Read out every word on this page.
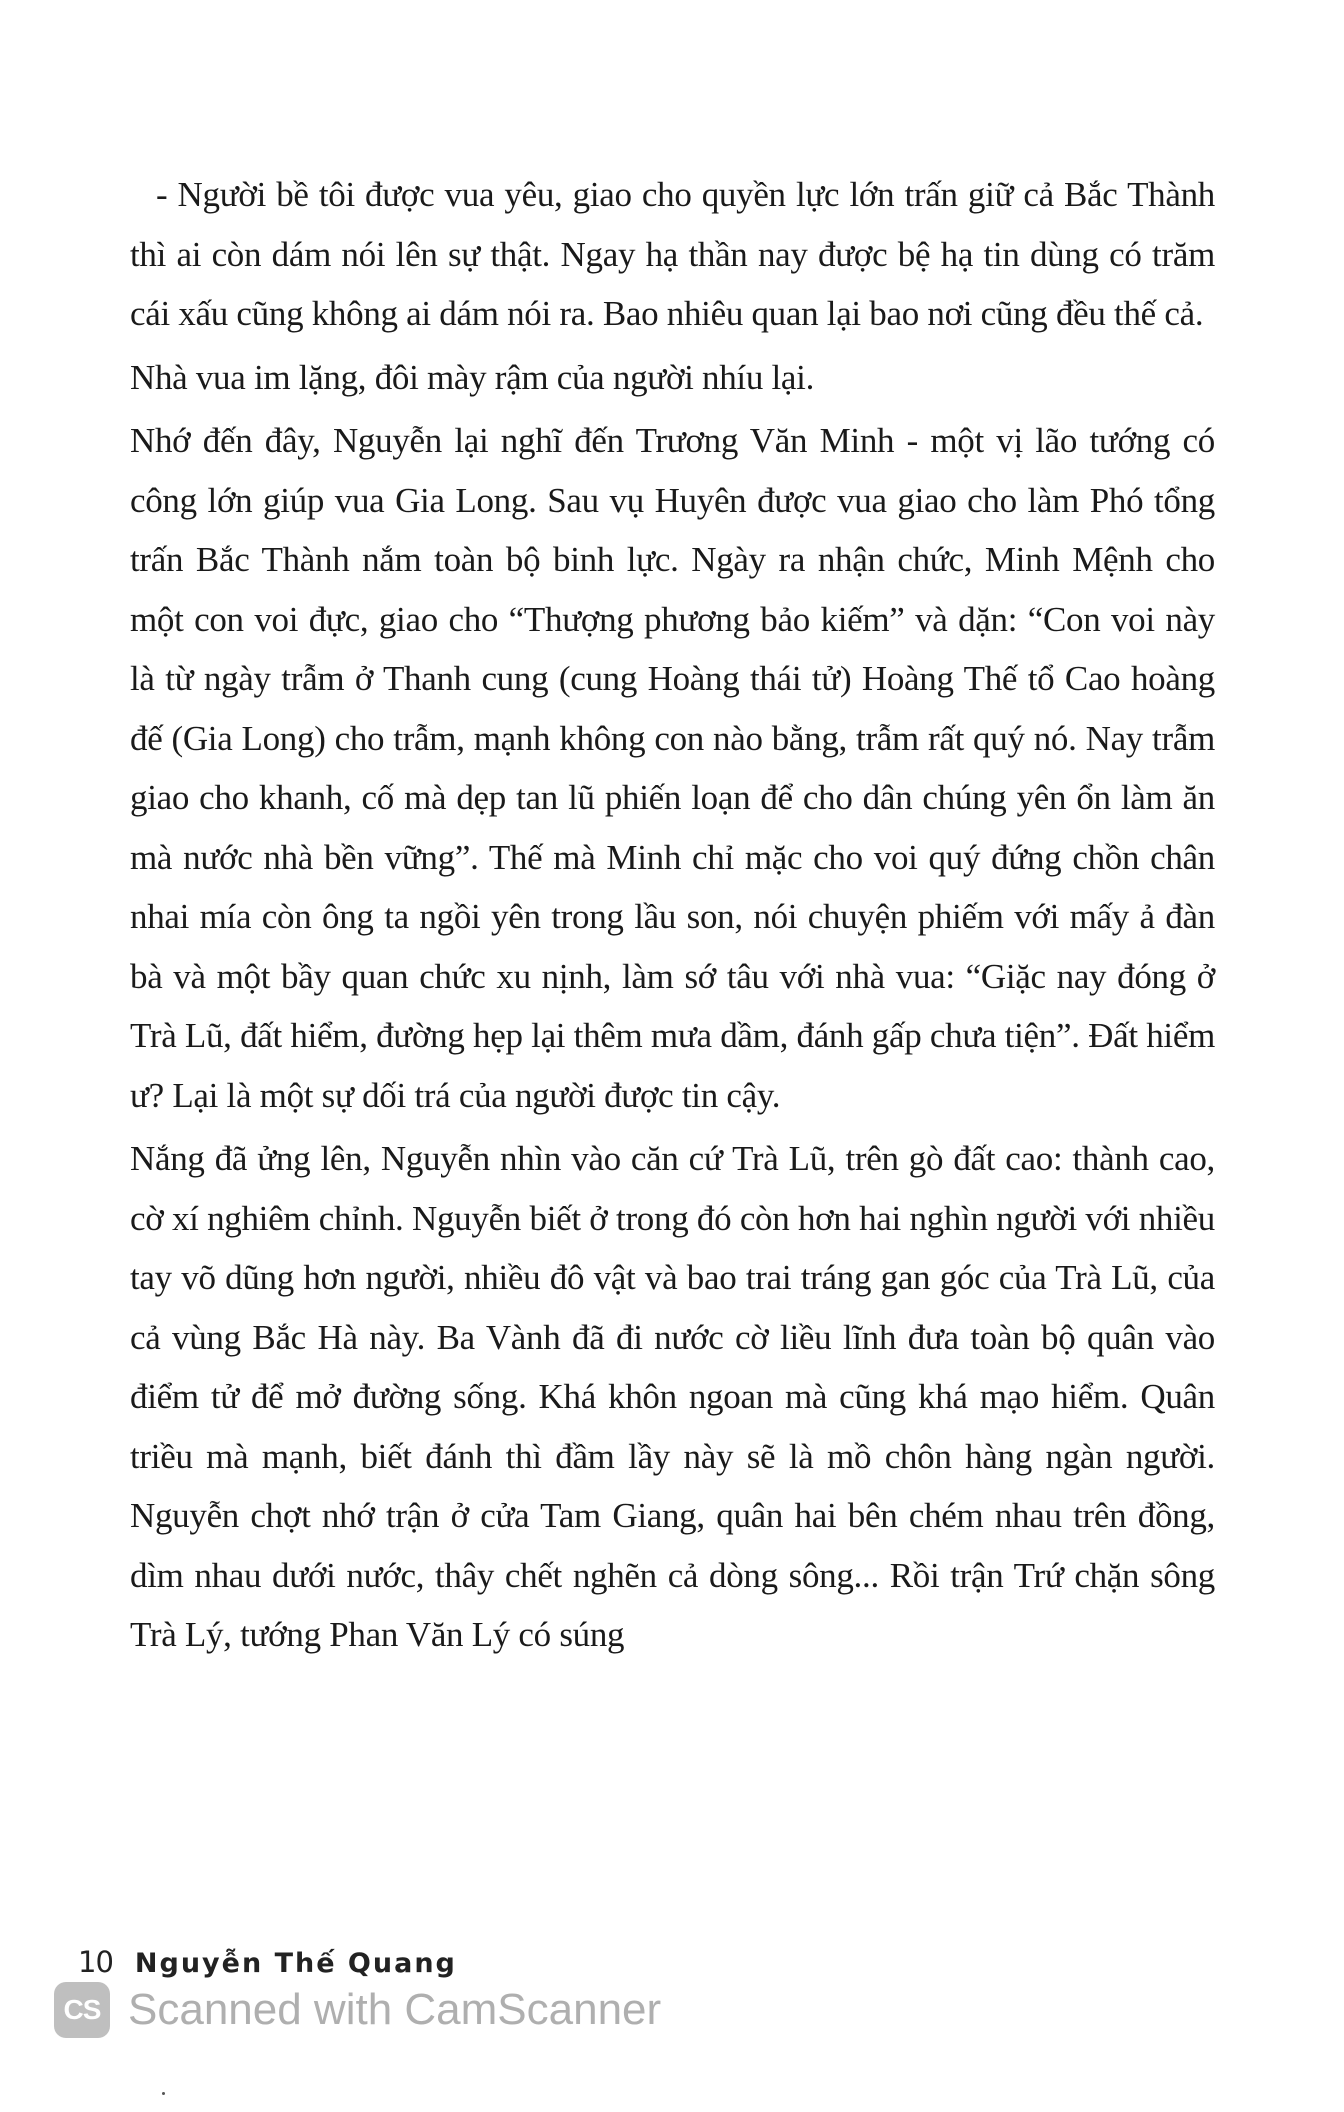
- Người bề tôi được vua yêu, giao cho quyền lực lớn trấn giữ cả Bắc Thành thì ai còn dám nói lên sự thật. Ngay hạ thần nay được bệ hạ tin dùng có trăm cái xấu cũng không ai dám nói ra. Bao nhiêu quan lại bao nơi cũng đều thế cả.

Nhà vua im lặng, đôi mày rậm của người nhíu lại.

Nhớ đến đây, Nguyễn lại nghĩ đến Trương Văn Minh - một vị lão tướng có công lớn giúp vua Gia Long. Sau vụ Huyên được vua giao cho làm Phó tổng trấn Bắc Thành nắm toàn bộ binh lực. Ngày ra nhận chức, Minh Mệnh cho một con voi đực, giao cho “Thượng phương bảo kiếm” và dặn: “Con voi này là từ ngày trẫm ở Thanh cung (cung Hoàng thái tử) Hoàng Thế tổ Cao hoàng đế (Gia Long) cho trẫm, mạnh không con nào bằng, trẫm rất quý nó. Nay trẫm giao cho khanh, cố mà dẹp tan lũ phiến loạn để cho dân chúng yên ổn làm ăn mà nước nhà bền vững”. Thế mà Minh chỉ mặc cho voi quý đứng chồn chân nhai mía còn ông ta ngồi yên trong lầu son, nói chuyện phiếm với mấy ả đàn bà và một bầy quan chức xu nịnh, làm sớ tâu với nhà vua: “Giặc nay đóng ở Trà Lũ, đất hiểm, đường hẹp lại thêm mưa dầm, đánh gấp chưa tiện”. Đất hiểm ư? Lại là một sự dối trá của người được tin cậy.

Nắng đã ửng lên, Nguyễn nhìn vào căn cứ Trà Lũ, trên gò đất cao: thành cao, cờ xí nghiêm chỉnh. Nguyễn biết ở trong đó còn hơn hai nghìn người với nhiều tay võ dũng hơn người, nhiều đô vật và bao trai tráng gan góc của Trà Lũ, của cả vùng Bắc Hà này. Ba Vành đã đi nước cờ liều lĩnh đưa toàn bộ quân vào điểm tử để mở đường sống. Khá khôn ngoan mà cũng khá mạo hiểm. Quân triều mà mạnh, biết đánh thì đầm lầy này sẽ là mồ chôn hàng ngàn người. Nguyễn chợt nhớ trận ở cửa Tam Giang, quân hai bên chém nhau trên đồng, dìm nhau dưới nước, thây chết nghẽn cả dòng sông... Rồi trận Trứ chặn sông Trà Lý, tướng Phan Văn Lý có súng

10 Nguyễn Thế Quang
CS Scanned with CamScanner
